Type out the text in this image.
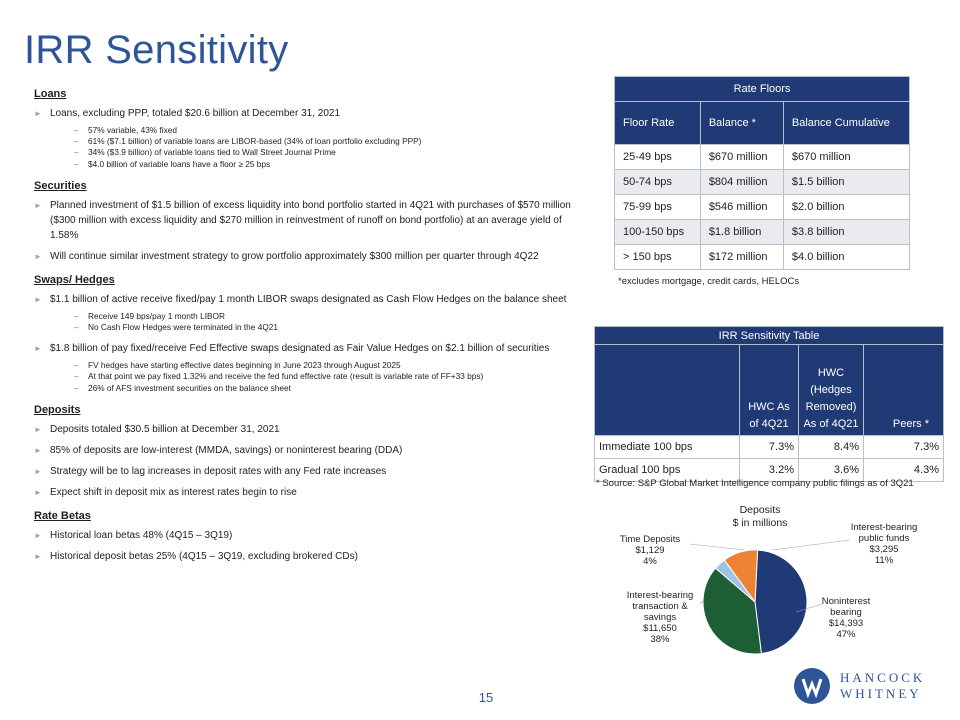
IRR Sensitivity
Loans
► Loans, excluding PPP, totaled $20.6 billion at December 31, 2021
– 57% variable, 43% fixed
– 61% ($7.1 billion) of variable loans are LIBOR-based (34% of loan portfolio excluding PPP)
– 34% ($3.9 billion) of variable loans tied to Wall Street Journal Prime
– $4.0 billion of variable loans have a floor ≥ 25 bps
Securities
► Planned investment of $1.5 billion of excess liquidity into bond portfolio started in 4Q21 with purchases of $570 million ($300 million with excess liquidity and $270 million in reinvestment of runoff on bond portfolio) at an average yield of 1.58%
► Will continue similar investment strategy to grow portfolio approximately $300 million per quarter through 4Q22
Swaps/ Hedges
► $1.1 billion of active receive fixed/pay 1 month LIBOR swaps designated as Cash Flow Hedges on the balance sheet
– Receive 149 bps/pay 1 month LIBOR
– No Cash Flow Hedges were terminated in the 4Q21
► $1.8 billion of pay fixed/receive Fed Effective swaps designated as Fair Value Hedges on $2.1 billion of securities
– FV hedges have starting effective dates beginning in June 2023 through August 2025
– At that point we pay fixed 1.32% and receive the fed fund effective rate (result is variable rate of FF+33 bps)
– 26% of AFS investment securities on the balance sheet
Deposits
► Deposits totaled $30.5 billion at December 31, 2021
► 85% of deposits are low-interest (MMDA, savings) or noninterest bearing (DDA)
► Strategy will be to lag increases in deposit rates with any Fed rate increases
► Expect shift in deposit mix as interest rates begin to rise
Rate Betas
► Historical loan betas 48% (4Q15 – 3Q19)
► Historical deposit betas 25% (4Q15 – 3Q19, excluding brokered CDs)
Rate Floors		
Floor Rate	Balance *	Balance Cumulative
25-49 bps	$670 million	$670 million
50-74 bps	$804 million	$1.5 billion
75-99 bps	$546 million	$2.0 billion
100-150 bps	$1.8 billion	$3.8 billion
> 150 bps	$172 million	$4.0 billion
*excludes mortgage, credit cards, HELOCs
IRR Sensitivity Table			
	HWC As of 4Q21	HWC (Hedges Removed) As of 4Q21	Peers *
Immediate 100 bps	7.3%	8.4%	7.3%
Gradual 100 bps	3.2%	3.6%	4.3%
* Source: S&P Global Market Intelligence company public filings as of 3Q21
Deposits
$ in millions
Noninterest bearing
$14,393
47%
Interest-bearing transaction & savings
$11,650
38%
Time Deposits
$1,129
4%
Interest-bearing public funds
$3,295
11%
15
HANCOCK
WHITNEY
